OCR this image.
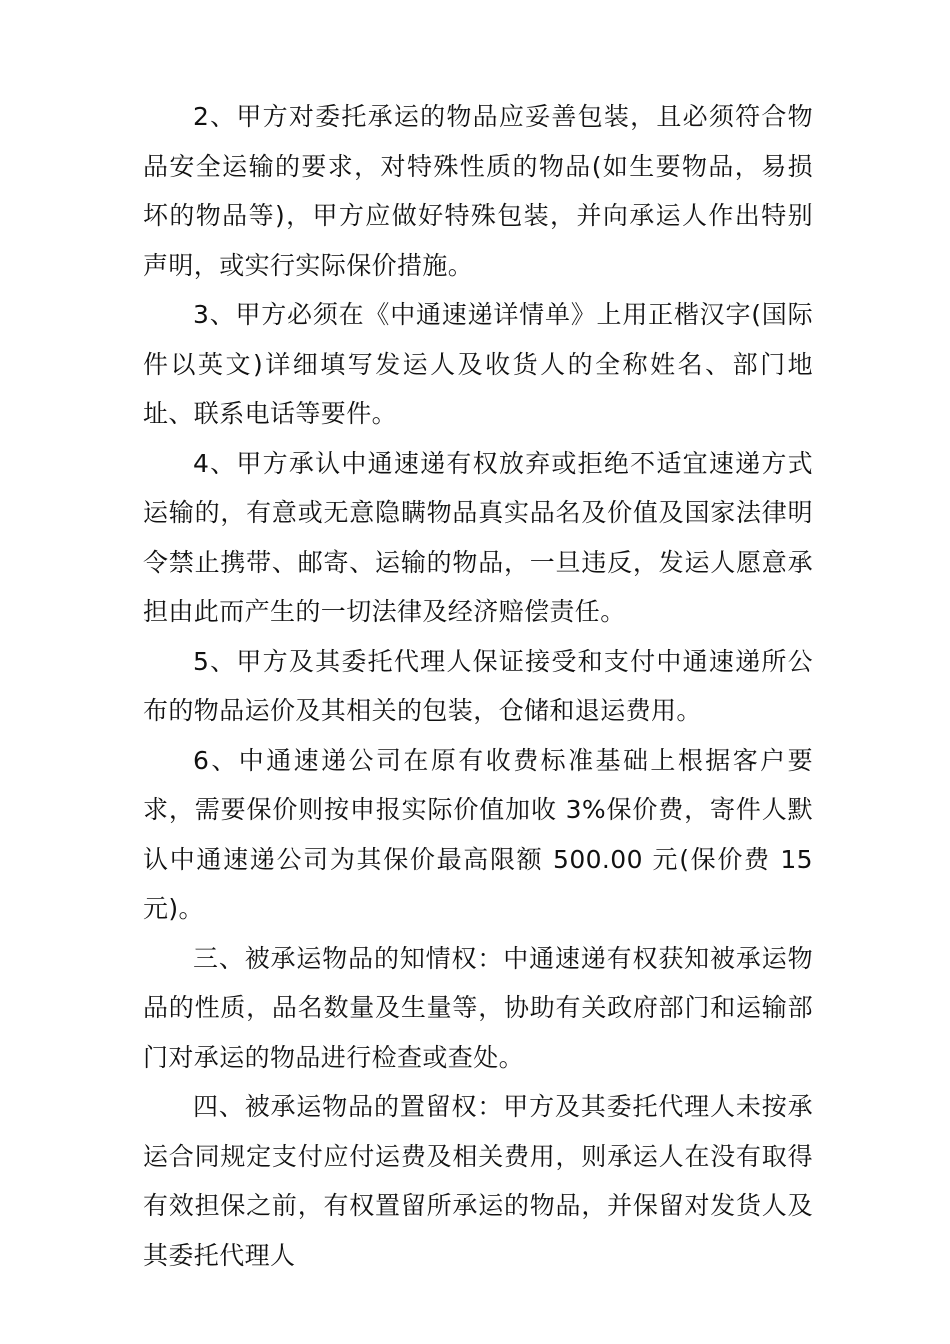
2、甲方对委托承运的物品应妥善包装，且必须符合物品安全运输的要求，对特殊性质的物品(如生要物品，易损坏的物品等)，甲方应做好特殊包装，并向承运人作出特别声明，或实行实际保价措施。

3、甲方必须在《中通速递详情单》上用正楷汉字(国际件以英文)详细填写发运人及收货人的全称姓名、部门地址、联系电话等要件。

4、甲方承认中通速递有权放弃或拒绝不适宜速递方式运输的，有意或无意隐瞒物品真实品名及价值及国家法律明令禁止携带、邮寄、运输的物品，一旦违反，发运人愿意承担由此而产生的一切法律及经济赔偿责任。

5、甲方及其委托代理人保证接受和支付中通速递所公布的物品运价及其相关的包装，仓储和退运费用。

6、中通速递公司在原有收费标准基础上根据客户要求，需要保价则按申报实际价值加收 3%保价费，寄件人默认中通速递公司为其保价最高限额 500.00 元(保价费 15 元)。

三、被承运物品的知情权：中通速递有权获知被承运物品的性质，品名数量及生量等，协助有关政府部门和运输部门对承运的物品进行检查或查处。

四、被承运物品的置留权：甲方及其委托代理人未按承运合同规定支付应付运费及相关费用，则承运人在没有取得有效担保之前，有权置留所承运的物品，并保留对发货人及其委托代理人
